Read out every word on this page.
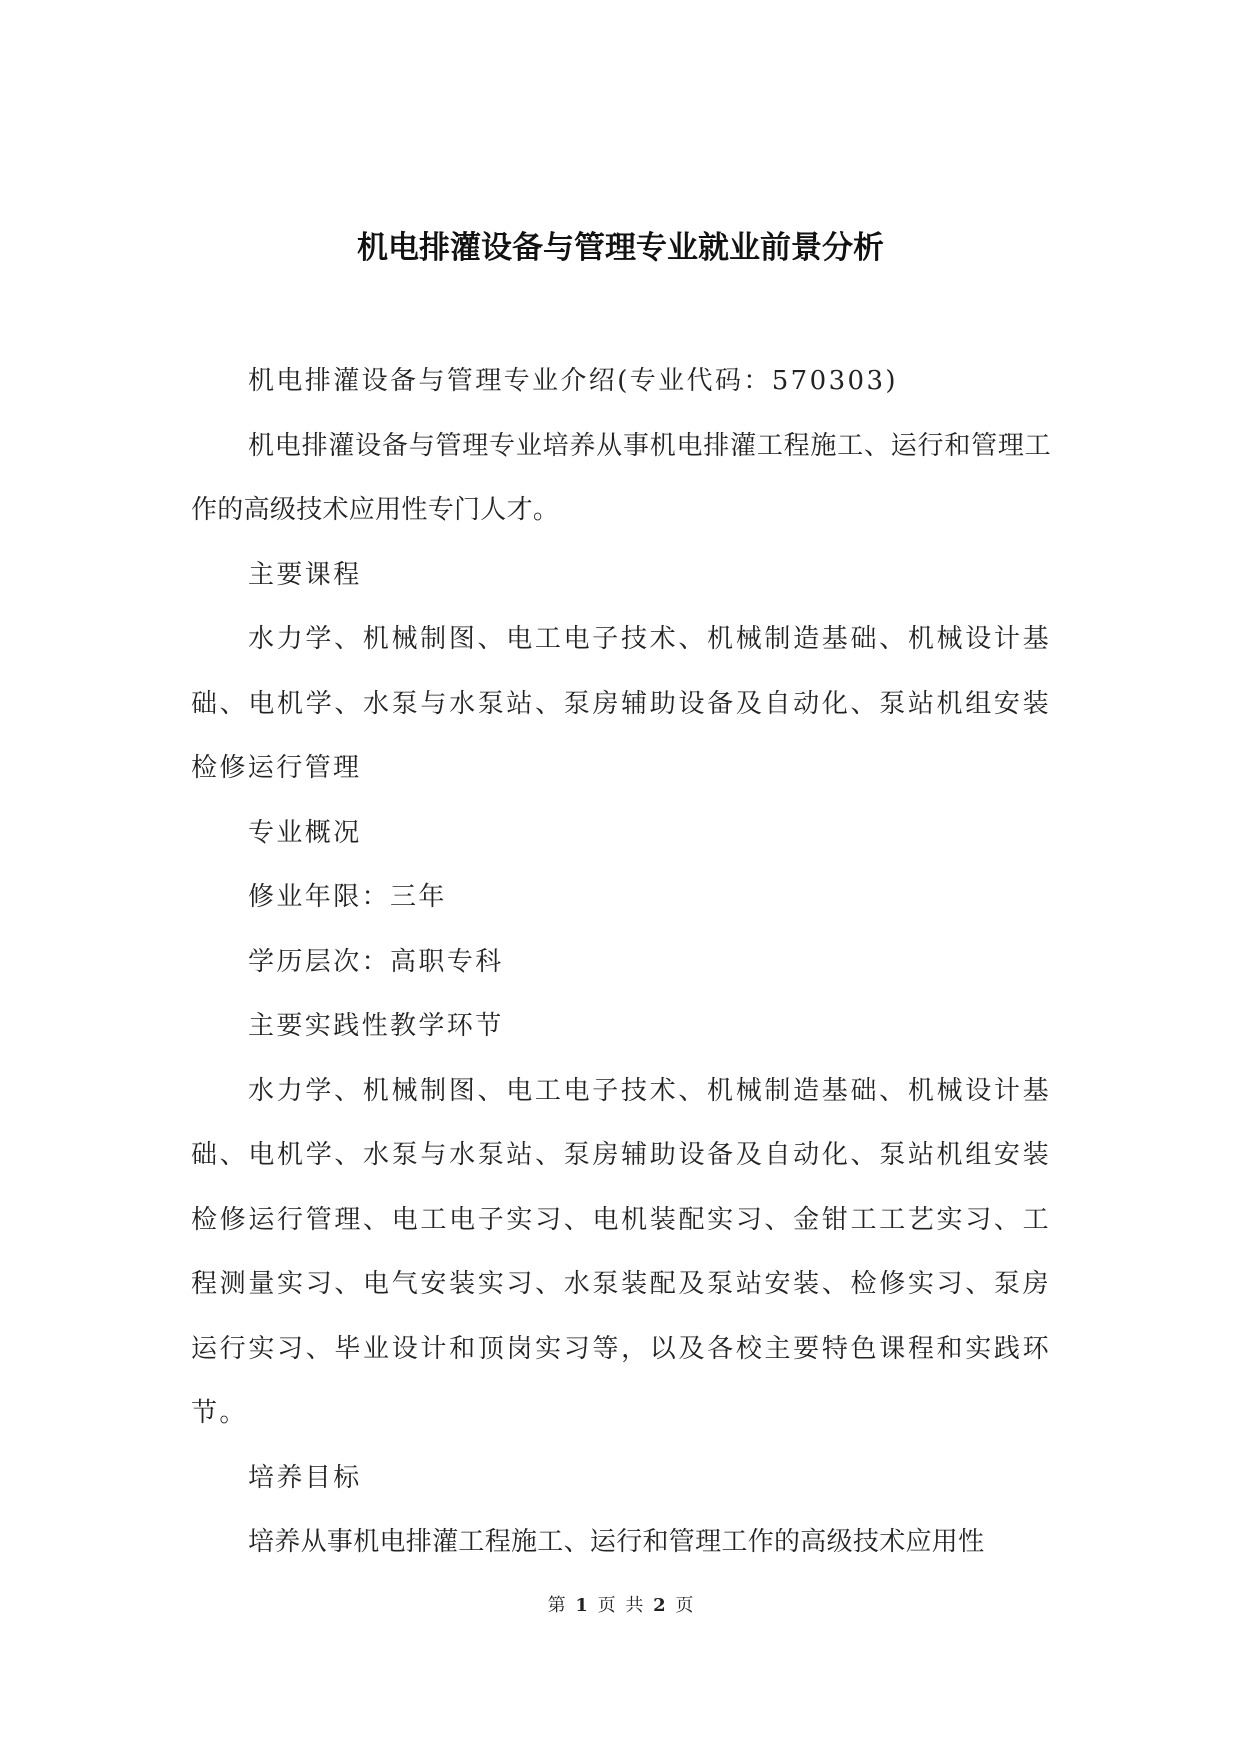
机电排灌设备与管理专业就业前景分析

机电排灌设备与管理专业介绍(专业代码：570303)

机电排灌设备与管理专业培养从事机电排灌工程施工、运行和管理工作的高级技术应用性专门人才。

主要课程

水力学、机械制图、电工电子技术、机械制造基础、机械设计基础、电机学、水泵与水泵站、泵房辅助设备及自动化、泵站机组安装检修运行管理

专业概况

修业年限：三年

学历层次：高职专科

主要实践性教学环节

水力学、机械制图、电工电子技术、机械制造基础、机械设计基础、电机学、水泵与水泵站、泵房辅助设备及自动化、泵站机组安装检修运行管理、电工电子实习、电机装配实习、金钳工工艺实习、工程测量实习、电气安装实习、水泵装配及泵站安装、检修实习、泵房运行实习、毕业设计和顶岗实习等，以及各校主要特色课程和实践环节。

培养目标

培养从事机电排灌工程施工、运行和管理工作的高级技术应用性

第 1 页 共 2 页
